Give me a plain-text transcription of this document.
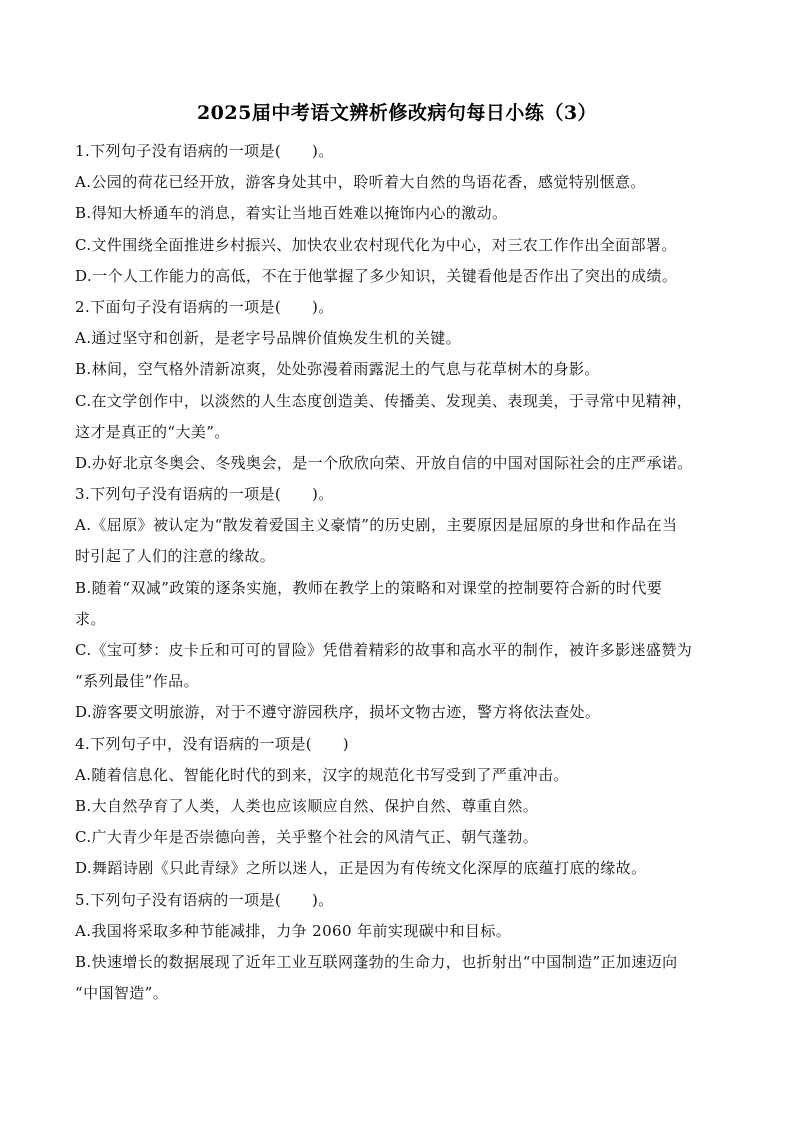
2025届中考语文辨析修改病句每日小练（3）
1.下列句子没有语病的一项是(　　)。
A.公园的荷花已经开放，游客身处其中，聆听着大自然的鸟语花香，感觉特别惬意。
B.得知大桥通车的消息，着实让当地百姓难以掩饰内心的激动。
C.文件围绕全面推进乡村振兴、加快农业农村现代化为中心，对三农工作作出全面部署。
D.一个人工作能力的高低，不在于他掌握了多少知识，关键看他是否作出了突出的成绩。
2.下面句子没有语病的一项是(　　)。
A.通过坚守和创新，是老字号品牌价值焕发生机的关键。
B.林间，空气格外清新凉爽，处处弥漫着雨露泥土的气息与花草树木的身影。
C.在文学创作中，以淡然的人生态度创造美、传播美、发现美、表现美，于寻常中见精神，
这才是真正的“大美”。
D.办好北京冬奥会、冬残奥会，是一个欣欣向荣、开放自信的中国对国际社会的庄严承诺。
3.下列句子没有语病的一项是(　　)。
A.《屈原》被认定为“散发着爱国主义豪情”的历史剧，主要原因是屈原的身世和作品在当
时引起了人们的注意的缘故。
B.随着“双减”政策的逐条实施，教师在教学上的策略和对课堂的控制要符合新的时代要
求。
C.《宝可梦：皮卡丘和可可的冒险》凭借着精彩的故事和高水平的制作，被许多影迷盛赞为
“系列最佳”作品。
D.游客要文明旅游，对于不遵守游园秩序，损坏文物古迹，警方将依法查处。
4.下列句子中，没有语病的一项是(　　)
A.随着信息化、智能化时代的到来，汉字的规范化书写受到了严重冲击。
B.大自然孕育了人类，人类也应该顺应自然、保护自然、尊重自然。
C.广大青少年是否崇德向善，关乎整个社会的风清气正、朝气蓬勃。
D.舞蹈诗剧《只此青绿》之所以迷人，正是因为有传统文化深厚的底蕴打底的缘故。
5.下列句子没有语病的一项是(　　)。
A.我国将采取多种节能减排，力争 2060 年前实现碳中和目标。
B.快速增长的数据展现了近年工业互联网蓬勃的生命力，也折射出“中国制造”正加速迈向
“中国智造”。
